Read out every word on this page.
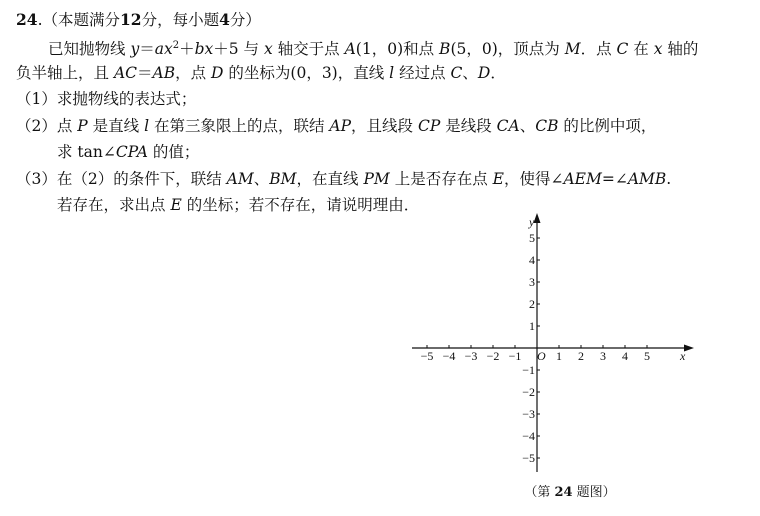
24.（本题满分12分，每小题4分）
已知抛物线 $y=ax^2+bx+5$ 与 x 轴交于点 A(1，0)和点 B(5，0)，顶点为 M．点 C 在 x 轴的
负半轴上，且 AC＝AB，点 D 的坐标为(0，3)，直线 l 经过点 C、D．
（1）求抛物线的表达式；
（2）点 P 是直线 l 在第三象限上的点，联结 AP，且线段 CP 是线段 CA、CB 的比例中项，
求 tan∠CPA 的值；
（3）在（2）的条件下，联结 AM、BM，在直线 PM 上是否存在点 E，使得∠AEM=∠AMB.
若存在，求出点 E 的坐标；若不存在，请说明理由．
x
y
O
−5 −4 −3 −2 −1	1 2 3 4 5
5
4
3
2
1
−1
−2
−3
−4
−5
（第 24 题图）
